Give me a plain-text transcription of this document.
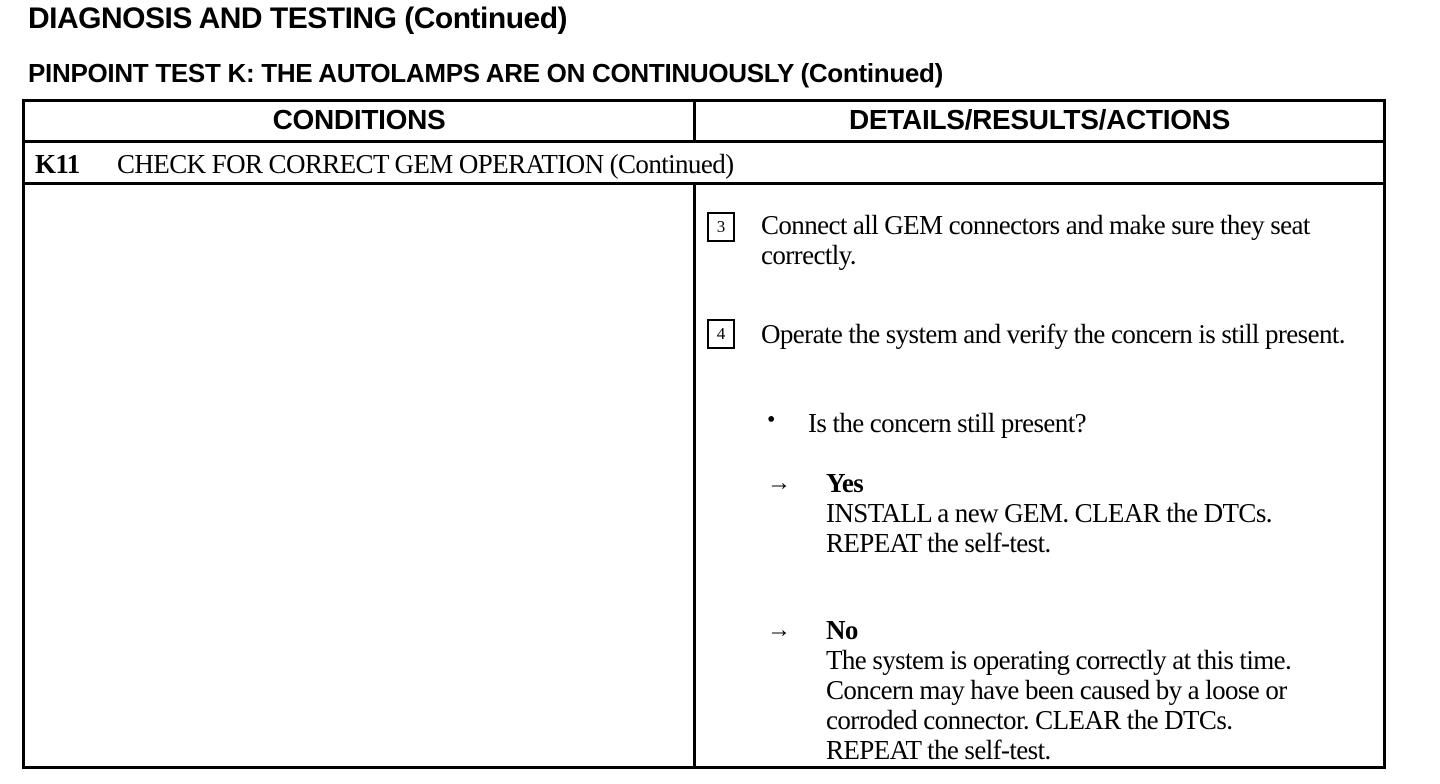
DIAGNOSIS AND TESTING (Continued)
PINPOINT TEST K: THE AUTOLAMPS ARE ON CONTINUOUSLY (Continued)
CONDITIONS	DETAILS/RESULTS/ACTIONS
K11 CHECK FOR CORRECT GEM OPERATION (Continued)
3	Connect all GEM connectors and make sure they seat correctly.
4	Operate the system and verify the concern is still present.
• Is the concern still present?
→ Yes
INSTALL a new GEM. CLEAR the DTCs.
REPEAT the self-test.
→ No
The system is operating correctly at this time.
Concern may have been caused by a loose or
corroded connector. CLEAR the DTCs.
REPEAT the self-test.
